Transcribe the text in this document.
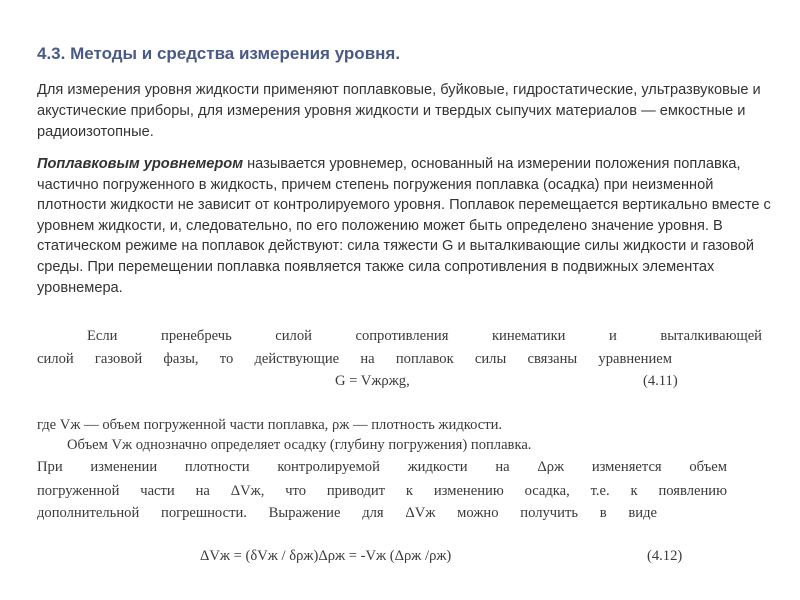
4.3. Методы и средства измерения уровня.
Для измерения уровня жидкости применяют поплавковые, буйковые, гидростатические, ультразвуковые и акустические приборы, для измерения уровня жидкости и твердых сыпучих материалов — емкостные и радиоизотопные.
Поплавковым уровнемером называется уровнемер, основанный на измерении положения поплавка, частично погруженного в жидкость, причем степень погружения поплавка (осадка) при неизменной плотности жидкости не зависит от контролируемого уровня. Поплавок перемещается вертикально вместе с уровнем жидкости, и, следовательно, по его положению может быть определено значение уровня. В статическом режиме на поплавок действуют: сила тяжести G и выталкивающие силы жидкости и газовой среды. При перемещении поплавка появляется также сила сопротивления в подвижных элементах уровнемера.
Если пренебречь силой сопротивления кинематики и выталкивающей
силой газовой фазы, то действующие на поплавок силы связаны уравнением
G = Vжρжg,	(4.11)
где Vж — объем погруженной части поплавка, ρж — плотность жидкости.
Объем Vж однозначно определяет осадку (глубину погружения) поплавка.
При изменении плотности контролируемой жидкости на Δρж изменяется объем
погруженной части на ΔVж, что приводит к изменению осадка, т.е. к появлению
дополнительной погрешности. Выражение для ΔVж можно получить в виде
ΔVж = (δVж / δρж)Δρж = -Vж (Δρж /ρж)	(4.12)
